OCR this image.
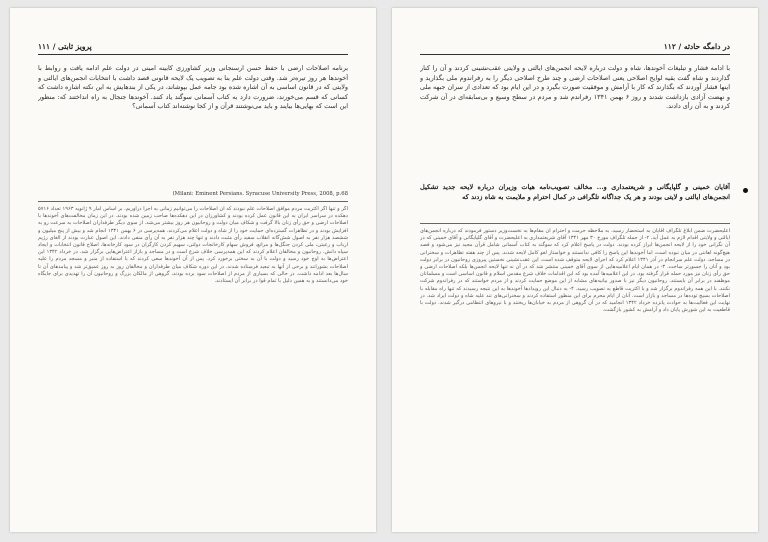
پرویز ثابتی / ۱۱۱
برنامه اصلاحات ارضی با حفظ حسن ارسنجانی وزیر کشاورزی کابینه امینی در دولت علم ادامه یافت و روابط با آخوندها هر روز تیره‌تر شد. وقتی دولت علم بنا به تصویب یک لایحه قانونی قصد داشت با انتخابات انجمن‌های ایالتی و ولایتی که در قانون اساسی به آن اشاره شده بود جامه عمل بپوشاند، در یکی از بندهایش به این نکته اشاره داشت که کسانی که قسم می‌خورند، ضرورت دارد به کتاب آسمانی سوگند یاد کنند. آخوندها جنجال به راه انداختند که: منظور این است که بهایی‌ها بیایند و باید می‌نوشتند قرآن و از کجا نوشته‌اند کتاب آسمانی؟
(Milani: Eminent Persians. Syracuse University Press, 2008, p.68
اگر و تنها اگر اکثریت مردم موافق اصلاحات علم نبودند که آن اصلاحات را می‌توانیم زمانی به اجرا درآوریم. بر اساس آمار ۹ ژانویه ۱۹۶۳ تعداد ۵۷۱۶ دهکده در سراسر ایران به این قانون عمل کرده بودند و کشاورزان در این دهکده‌ها صاحب زمین شده بودند. در این زمان مخالفت‌های آخوندها با اصلاحات ارضی و حق رأی زنان بالا گرفت و شکاف میان دولت و روحانیون هر روز بیشتر می‌شد. از سوی دیگر طرفداران اصلاحات به سرعت رو به افزایش بودند و در تظاهرات گسترده‌ای حمایت خود را از شاه و دولت اعلام می‌کردند. همه‌پرسی در ۶ بهمن ۱۳۴۱ انجام شد و بیش از پنج میلیون و ششصد هزار نفر به اصول شش‌گانه انقلاب سفید رأی مثبت دادند و تنها چند هزار نفر به آن رأی منفی دادند. این اصول عبارت بودند از الغای رژیم ارباب و رعیتی، ملی کردن جنگل‌ها و مراتع، فروش سهام کارخانجات دولتی، سهیم کردن کارگران در سود کارخانه‌ها، اصلاح قانون انتخابات و ایجاد سپاه دانش. روحانیون و مخالفان اعلام کردند که این همه‌پرسی خلاف شرع است و در مساجد و بازار اعتراض‌هایی برگزار شد. در خرداد ۱۳۴۲ این اعتراض‌ها به اوج خود رسید و دولت با آن به سختی برخورد کرد. پس از آن آخوندها سعی کردند که با استفاده از منبر و مسجد مردم را علیه اصلاحات بشورانند و برخی از آنها به تبعید فرستاده شدند. در این دوره شکاف میان طرفداران و مخالفان روز به روز عمیق‌تر شد و پیامدهای آن تا سال‌ها بعد ادامه داشت. در حالی که بسیاری از مردم از اصلاحات سود برده بودند، گروهی از مالکان بزرگ و روحانیون آن را تهدیدی برای جایگاه خود می‌دانستند و به همین دلیل با تمام قوا در برابر آن ایستادند.
۱۱۲ / در دامگه حادثه
با ادامه فشار و تبلیغات آخوندها، شاه و دولت درباره لایحه انجمن‌های ایالتی و ولایتی عقب‌نشینی کردند و آن را کنار گذاردند و شاه گفت بقیه لوایح اصلاحی یعنی اصلاحات ارضی و چند طرح اصلاحی دیگر را به رفراندوم ملی بگذارید و اینها فشار آوردند که بگذارند که کار با آرامش و موفقیت صورت بگیرد و در این ایام بود که تعدادی از سران جبهه ملی و نهضت آزادی بازداشت شدند و روز ۶ بهمن ۱۳۴۱ رفراندم شد و مردم در سطح وسیع و بی‌سابقه‌ای در آن شرکت کردند و به آن رأی دادند.
آقایان خمینی و گلپایگانی و شریعتمداری و... مخالف تصویب‌نامه هیات وزیران درباره لایحه جدید تشکیل انجمن‌های ایالتی و لایتی بودند و هر یک جداگانه تلگرافی در کمال احترام و ملایمت به شاه زدند که
اعلیحضرت ضمن ابلاغ تلگراف آقایان به استحضار رسید، به ملاحظه حرمت و احترام آن مقام‌ها به نخست‌وزیر دستور فرمودند که درباره انجمن‌های ایالتی و ولایتی اقدام لازم به عمل آید. ۲- از جمله تلگراف مورخ ۳۰ مهر ۱۳۴۱ آقای شریعتمداری به اعلیحضرت و آقای گلپایگانی و آقای خمینی که در آن نگرانی خود را از لایحه انجمن‌ها ابراز کرده بودند. دولت در پاسخ اعلام کرد که سوگند به کتاب آسمانی شامل قرآن مجید نیز می‌شود و قصد هیچ‌گونه اهانتی در میان نبوده است، اما آخوندها این پاسخ را کافی ندانستند و خواستار لغو کامل لایحه شدند. پس از چند هفته تظاهرات و سخنرانی در مساجد، دولت علم سرانجام در آذر ۱۳۴۱ اعلام کرد که اجرای لایحه متوقف شده است. این عقب‌نشینی نخستین پیروزی روحانیون در برابر دولت بود و آنان را جسورتر ساخت. ۳- در همان ایام اعلامیه‌هایی از سوی آقای خمینی منتشر شد که در آن نه تنها لایحه انجمن‌ها بلکه اصلاحات ارضی و حق رأی زنان نیز مورد حمله قرار گرفته بود. در این اعلامیه‌ها آمده بود که این اقدامات خلاف شرع مقدس اسلام و قانون اساسی است و مسلمانان موظفند در برابر آن بایستند. روحانیون دیگر نیز با صدور بیانیه‌های مشابه از این موضع حمایت کردند و از مردم خواستند که در رفراندوم شرکت نکنند. با این همه رفراندوم برگزار شد و با اکثریت قاطع به تصویب رسید. ۴- به دنبال این رویدادها آخوندها به این نتیجه رسیدند که تنها راه مقابله با اصلاحات بسیج توده‌ها در مساجد و بازار است. آنان از ایام محرم برای این منظور استفاده کردند و سخنرانی‌های تند علیه شاه و دولت ایراد شد. در نهایت این فعالیت‌ها به حوادث پانزده خرداد ۱۳۴۲ انجامید که در آن گروهی از مردم به خیابان‌ها ریختند و با نیروهای انتظامی درگیر شدند. دولت با قاطعیت به این شورش پایان داد و آرامش به کشور بازگشت.
